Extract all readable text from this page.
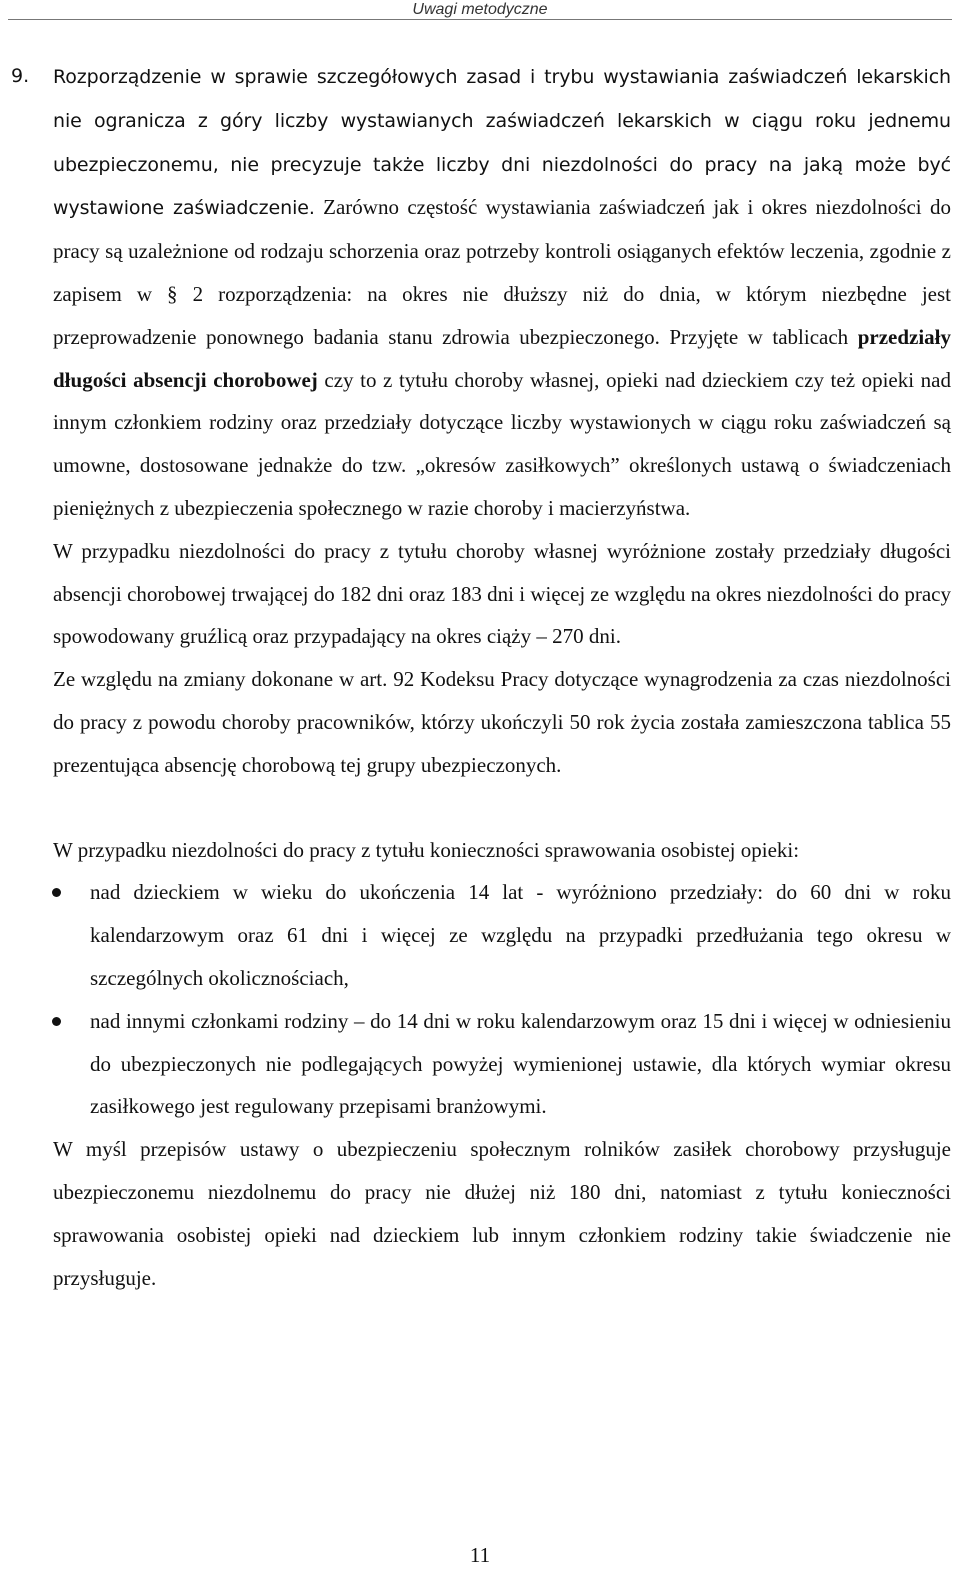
Uwagi metodyczne

9. Rozporządzenie w sprawie szczegółowych zasad i trybu wystawiania zaświadczeń lekarskich nie ogranicza z góry liczby wystawianych zaświadczeń lekarskich w ciągu roku jednemu ubezpieczonemu, nie precyzuje także liczby dni niezdolności do pracy na jaką może być wystawione zaświadczenie. Zarówno częstość wystawiania zaświadczeń jak i okres niezdolności do pracy są uzależnione od rodzaju schorzenia oraz potrzeby kontroli osiąganych efektów leczenia, zgodnie z zapisem w § 2 rozporządzenia: na okres nie dłuższy niż do dnia, w którym niezbędne jest przeprowadzenie ponownego badania stanu zdrowia ubezpieczonego. Przyjęte w tablicach przedziały długości absencji chorobowej czy to z tytułu choroby własnej, opieki nad dzieckiem czy też opieki nad innym członkiem rodziny oraz przedziały dotyczące liczby wystawionych w ciągu roku zaświadczeń są umowne, dostosowane jednakże do tzw. „okresów zasiłkowych” określonych ustawą o świadczeniach pieniężnych z ubezpieczenia społecznego w razie choroby i macierzyństwa.

W przypadku niezdolności do pracy z tytułu choroby własnej wyróżnione zostały przedziały długości absencji chorobowej trwającej do 182 dni oraz 183 dni i więcej ze względu na okres niezdolności do pracy spowodowany gruźlicą oraz przypadający na okres ciąży – 270 dni.

Ze względu na zmiany dokonane w art. 92 Kodeksu Pracy dotyczące wynagrodzenia za czas niezdolności do pracy z powodu choroby pracowników, którzy ukończyli 50 rok życia została zamieszczona tablica 55 prezentująca absencję chorobową tej grupy ubezpieczonych.

W przypadku niezdolności do pracy z tytułu konieczności sprawowania osobistej opieki:

nad dzieckiem w wieku do ukończenia 14 lat - wyróżniono przedziały: do 60 dni w roku kalendarzowym oraz 61 dni i więcej ze względu na przypadki przedłużania tego okresu w szczególnych okolicznościach,
nad innymi członkami rodziny – do 14 dni w roku kalendarzowym oraz 15 dni i więcej w odniesieniu do ubezpieczonych nie podlegających powyżej wymienionej ustawie, dla których wymiar okresu zasiłkowego jest regulowany przepisami branżowymi.

W myśl przepisów ustawy o ubezpieczeniu społecznym rolników zasiłek chorobowy przysługuje ubezpieczonemu niezdolnemu do pracy nie dłużej niż 180 dni, natomiast z tytułu konieczności sprawowania osobistej opieki nad dzieckiem lub innym członkiem rodziny takie świadczenie nie przysługuje.

11
